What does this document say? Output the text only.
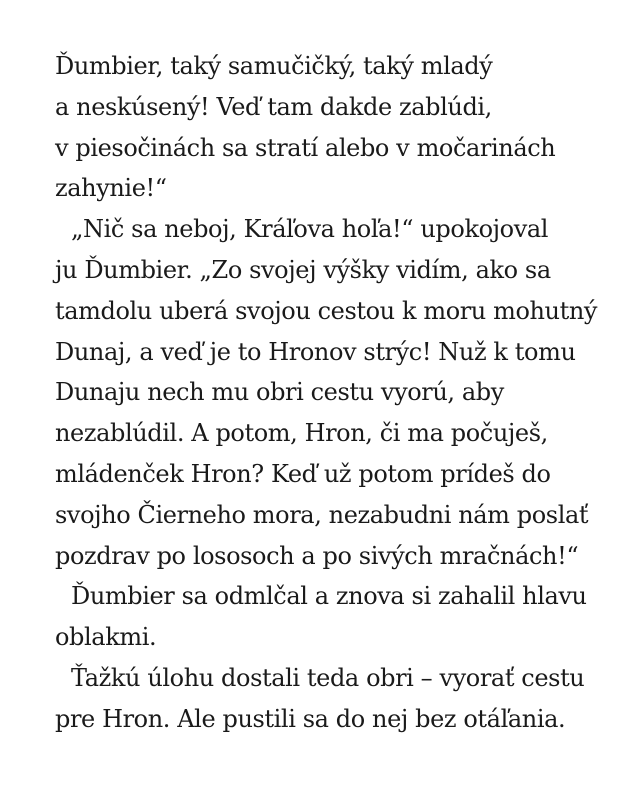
Ďumbier, taký samučičký, taký mladý
a neskúsený! Veď tam dakde zablúdi,
v piesočinách sa stratí alebo v močarinách
zahynie!“
„Nič sa neboj, Kráľova hoľa!“ upokojoval
ju Ďumbier. „Zo svojej výšky vidím, ako sa
tamdolu uberá svojou cestou k moru mohutný
Dunaj, a veď je to Hronov strýc! Nuž k tomu
Dunaju nech mu obri cestu vyorú, aby
nezablúdil. A potom, Hron, či ma počuješ,
mládenček Hron? Keď už potom prídeš do
svojho Čierneho mora, nezabudni nám poslať
pozdrav po lososoch a po sivých mračnách!“
Ďumbier sa odmlčal a znova si zahalil hlavu
oblakmi.
Ťažkú úlohu dostali teda obri – vyorať cestu
pre Hron. Ale pustili sa do nej bez otáľania.
